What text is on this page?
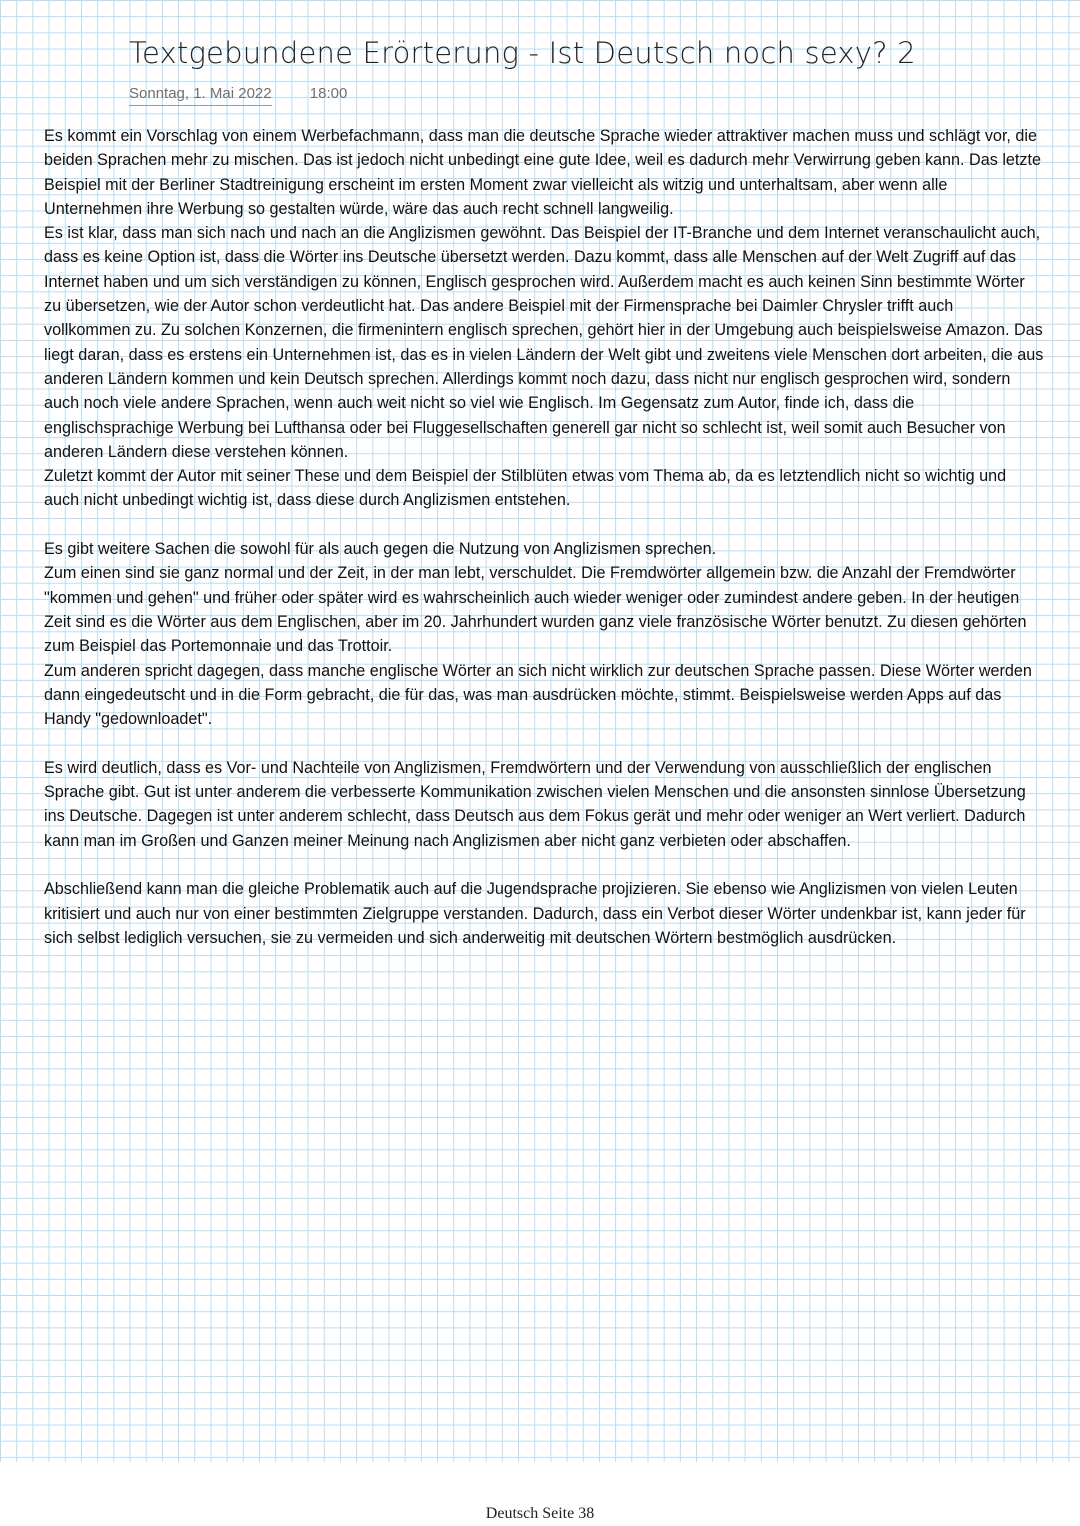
Textgebundene Erörterung - Ist Deutsch noch sexy? 2
Sonntag, 1. Mai 2022	18:00

Es kommt ein Vorschlag von einem Werbefachmann, dass man die deutsche Sprache wieder attraktiver machen muss und schlägt vor, die beiden Sprachen mehr zu mischen. Das ist jedoch nicht unbedingt eine gute Idee, weil es dadurch mehr Verwirrung geben kann. Das letzte Beispiel mit der Berliner Stadtreinigung erscheint im ersten Moment zwar vielleicht als witzig und unterhaltsam, aber wenn alle Unternehmen ihre Werbung so gestalten würde, wäre das auch recht schnell langweilig.

Es ist klar, dass man sich nach und nach an die Anglizismen gewöhnt. Das Beispiel der IT-Branche und dem Internet veranschaulicht auch, dass es keine Option ist, dass die Wörter ins Deutsche übersetzt werden. Dazu kommt, dass alle Menschen auf der Welt Zugriff auf das Internet haben und um sich verständigen zu können, Englisch gesprochen wird. Außerdem macht es auch keinen Sinn bestimmte Wörter zu übersetzen, wie der Autor schon verdeutlicht hat. Das andere Beispiel mit der Firmensprache bei Daimler Chrysler trifft auch vollkommen zu. Zu solchen Konzernen, die firmenintern englisch sprechen, gehört hier in der Umgebung auch beispielsweise Amazon. Das liegt daran, dass es erstens ein Unternehmen ist, das es in vielen Ländern der Welt gibt und zweitens viele Menschen dort arbeiten, die aus anderen Ländern kommen und kein Deutsch sprechen. Allerdings kommt noch dazu, dass nicht nur englisch gesprochen wird, sondern auch noch viele andere Sprachen, wenn auch weit nicht so viel wie Englisch. Im Gegensatz zum Autor, finde ich, dass die englischsprachige Werbung bei Lufthansa oder bei Fluggesellschaften generell gar nicht so schlecht ist, weil somit auch Besucher von anderen Ländern diese verstehen können.

Zuletzt kommt der Autor mit seiner These und dem Beispiel der Stilblüten etwas vom Thema ab, da es letztendlich nicht so wichtig und auch nicht unbedingt wichtig ist, dass diese durch Anglizismen entstehen.

Es gibt weitere Sachen die sowohl für als auch gegen die Nutzung von Anglizismen sprechen.

Zum einen sind sie ganz normal und der Zeit, in der man lebt, verschuldet. Die Fremdwörter allgemein bzw. die Anzahl der Fremdwörter "kommen und gehen" und früher oder später wird es wahrscheinlich auch wieder weniger oder zumindest andere geben. In der heutigen Zeit sind es die Wörter aus dem Englischen, aber im 20. Jahrhundert wurden ganz viele französische Wörter benutzt. Zu diesen gehörten zum Beispiel das Portemonnaie und das Trottoir.

Zum anderen spricht dagegen, dass manche englische Wörter an sich nicht wirklich zur deutschen Sprache passen. Diese Wörter werden dann eingedeutscht und in die Form gebracht, die für das, was man ausdrücken möchte, stimmt. Beispielsweise werden Apps auf das Handy "gedownloadet".

Es wird deutlich, dass es Vor- und Nachteile von Anglizismen, Fremdwörtern und der Verwendung von ausschließlich der englischen Sprache gibt. Gut ist unter anderem die verbesserte Kommunikation zwischen vielen Menschen und die ansonsten sinnlose Übersetzung ins Deutsche. Dagegen ist unter anderem schlecht, dass Deutsch aus dem Fokus gerät und mehr oder weniger an Wert verliert. Dadurch kann man im Großen und Ganzen meiner Meinung nach Anglizismen aber nicht ganz verbieten oder abschaffen.

Abschließend kann man die gleiche Problematik auch auf die Jugendsprache projizieren. Sie ebenso wie Anglizismen von vielen Leuten kritisiert und auch nur von einer bestimmten Zielgruppe verstanden. Dadurch, dass ein Verbot dieser Wörter undenkbar ist, kann jeder für sich selbst lediglich versuchen, sie zu vermeiden und sich anderweitig mit deutschen Wörtern bestmöglich ausdrücken.

Deutsch Seite 38
